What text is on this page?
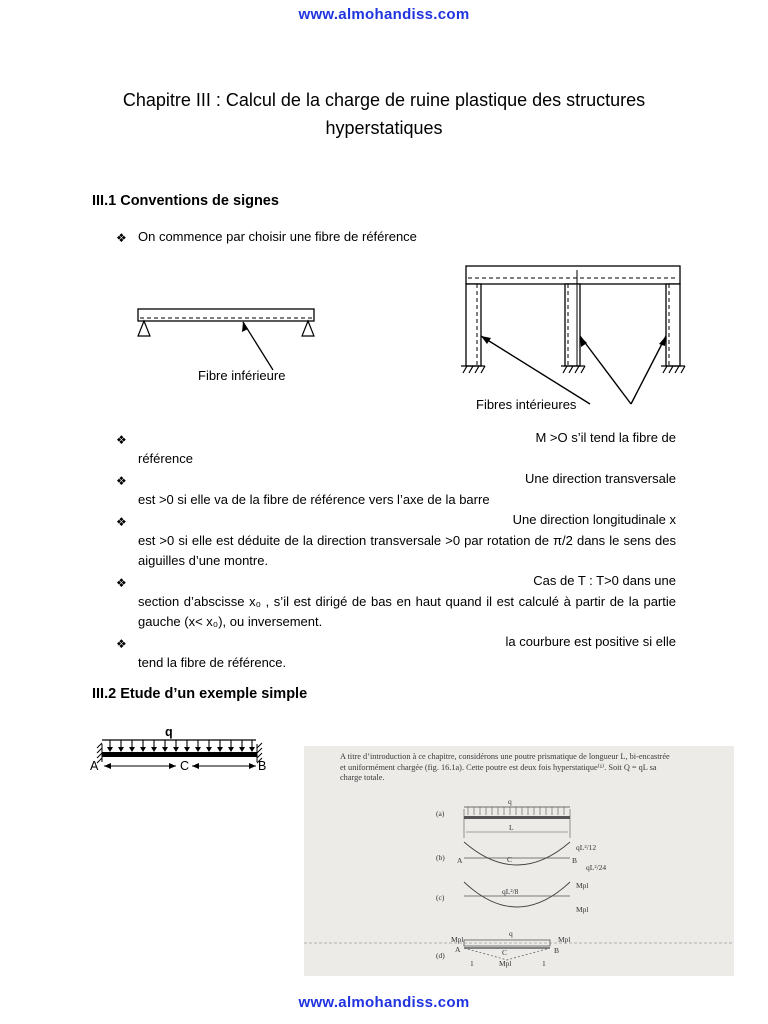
www.almohandiss.com
Chapitre III : Calcul de la charge de ruine plastique des structures hyperstatiques
III.1 Conventions de signes
❖ On commence par choisir une fibre de référence
Fibre inférieure
Fibres intérieures
❖	M >O s’il tend la fibre de
référence
❖	Une direction transversale
est >0 si elle va de la fibre de référence vers l’axe de la barre
❖	Une direction longitudinale x
est >0 si elle est déduite de la direction transversale >0 par rotation de π/2 dans le sens des aiguilles d’une montre.
❖	Cas de T : T>0 dans une
section d’abscisse x₀ , s’il est dirigé de bas en haut quand il est calculé à partir de la partie gauche (x< x₀), ou inversement.
❖	la courbure est positive si elle
tend la fibre de référence.
III.2 Etude d’un exemple simple
q
A	C	B
A titre d’introduction à ce chapitre, considérons une poutre prismatique de longueur L, bi-encastrée
et uniformément chargée (fig. 16.1a). Cette poutre est deux fois hyperstatique⁽¹⁾. Soit Q = qL sa
charge totale.
(a)
q
L
(b) A	B
C
qL²/12
qL²/24
(c)
qL²/8
Mpl
Mpl
(d)
Mpl	Mpl
q
A	B
C
Mpl
1	1
www.almohandiss.com
